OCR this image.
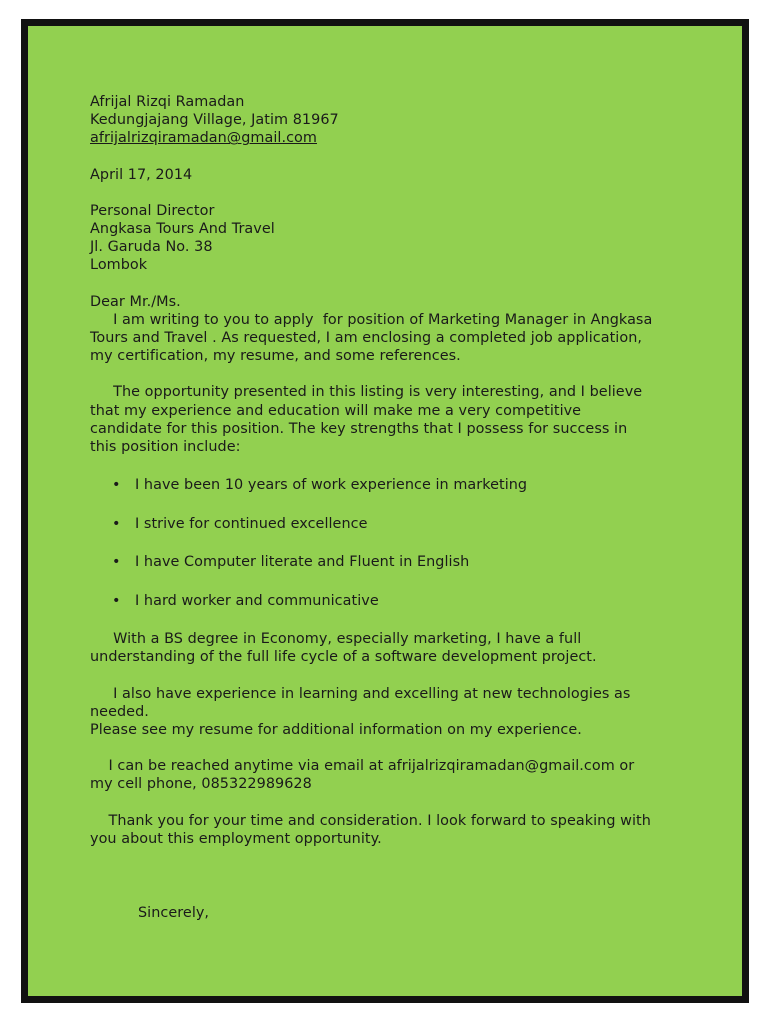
Afrijal Rizqi Ramadan
Kedungjajang Village, Jatim 81967
afrijalrizqiramadan@gmail.com
April 17, 2014
Personal Director
Angkasa Tours And Travel
Jl. Garuda No. 38
Lombok
Dear Mr./Ms.
I am writing to you to apply  for position of Marketing Manager in Angkasa
Tours and Travel . As requested, I am enclosing a completed job application,
my certification, my resume, and some references.
The opportunity presented in this listing is very interesting, and I believe
that my experience and education will make me a very competitive
candidate for this position. The key strengths that I possess for success in
this position include:
• I have been 10 years of work experience in marketing
• I strive for continued excellence
• I have Computer literate and Fluent in English
• I hard worker and communicative
With a BS degree in Economy, especially marketing, I have a full
understanding of the full life cycle of a software development project.
I also have experience in learning and excelling at new technologies as
needed.
Please see my resume for additional information on my experience.
I can be reached anytime via email at afrijalrizqiramadan@gmail.com or
my cell phone, 085322989628
Thank you for your time and consideration. I look forward to speaking with
you about this employment opportunity.
Sincerely,
